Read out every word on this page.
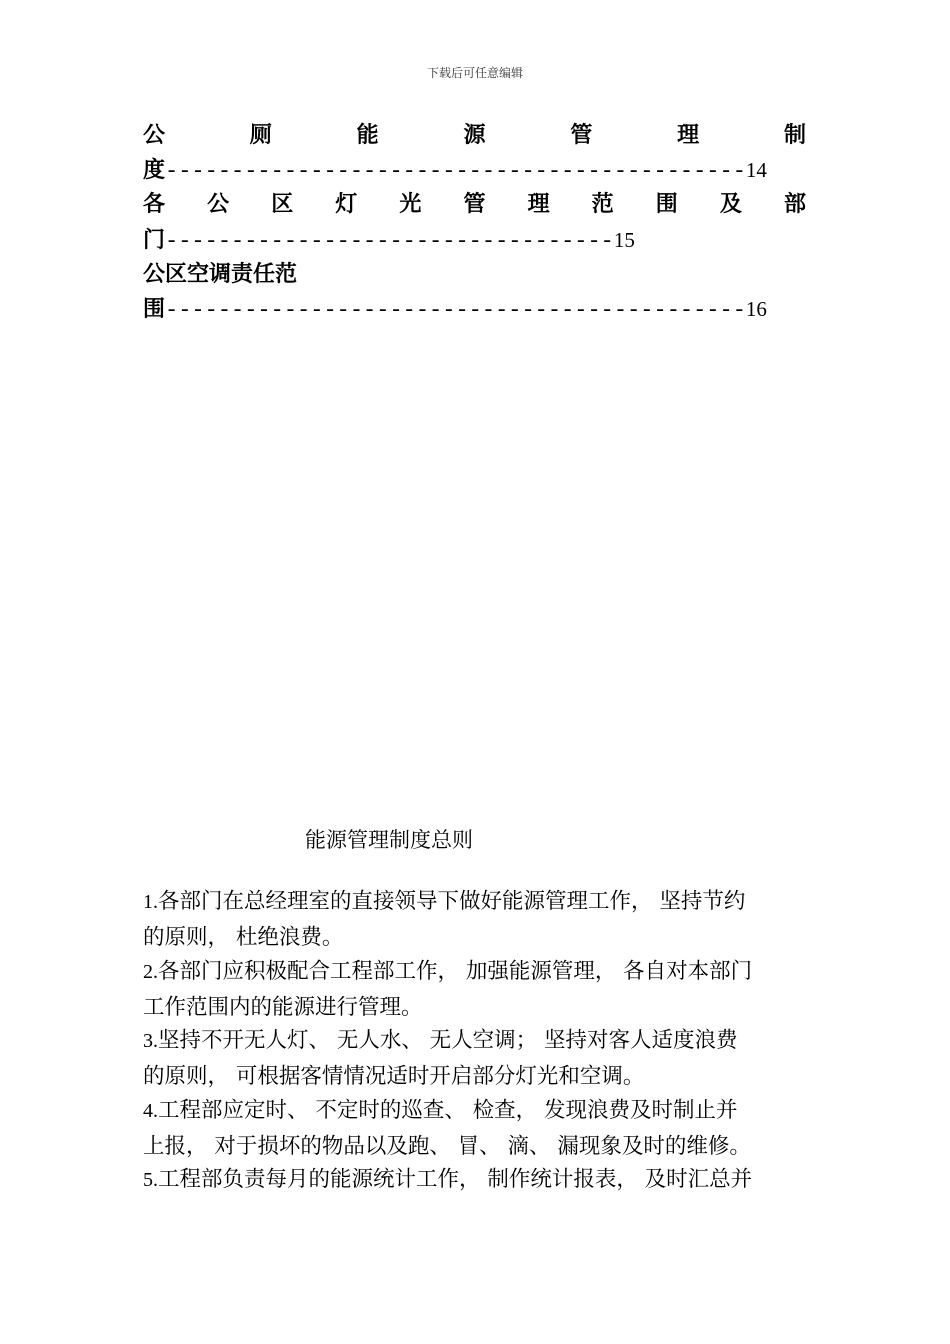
下载后可任意编辑
公	厕	能	源	管	理	制
度--------------------------------------------14
各 公 区 灯 光 管 理 范 围 及 部
门----------------------------------15
公区空调责任范
围--------------------------------------------16
能源管理制度总则
1.各部门在总经理室的直接领导下做好能源管理工作， 坚持节约
的原则， 杜绝浪费。
2.各部门应积极配合工程部工作， 加强能源管理， 各自对本部门
工作范围内的能源进行管理。
3.坚持不开无人灯、 无人水、 无人空调； 坚持对客人适度浪费
的原则， 可根据客情情况适时开启部分灯光和空调。
4.工程部应定时、 不定时的巡查、 检查， 发现浪费及时制止并
上报， 对于损坏的物品以及跑、 冒、 滴、 漏现象及时的维修。
5.工程部负责每月的能源统计工作， 制作统计报表， 及时汇总并
